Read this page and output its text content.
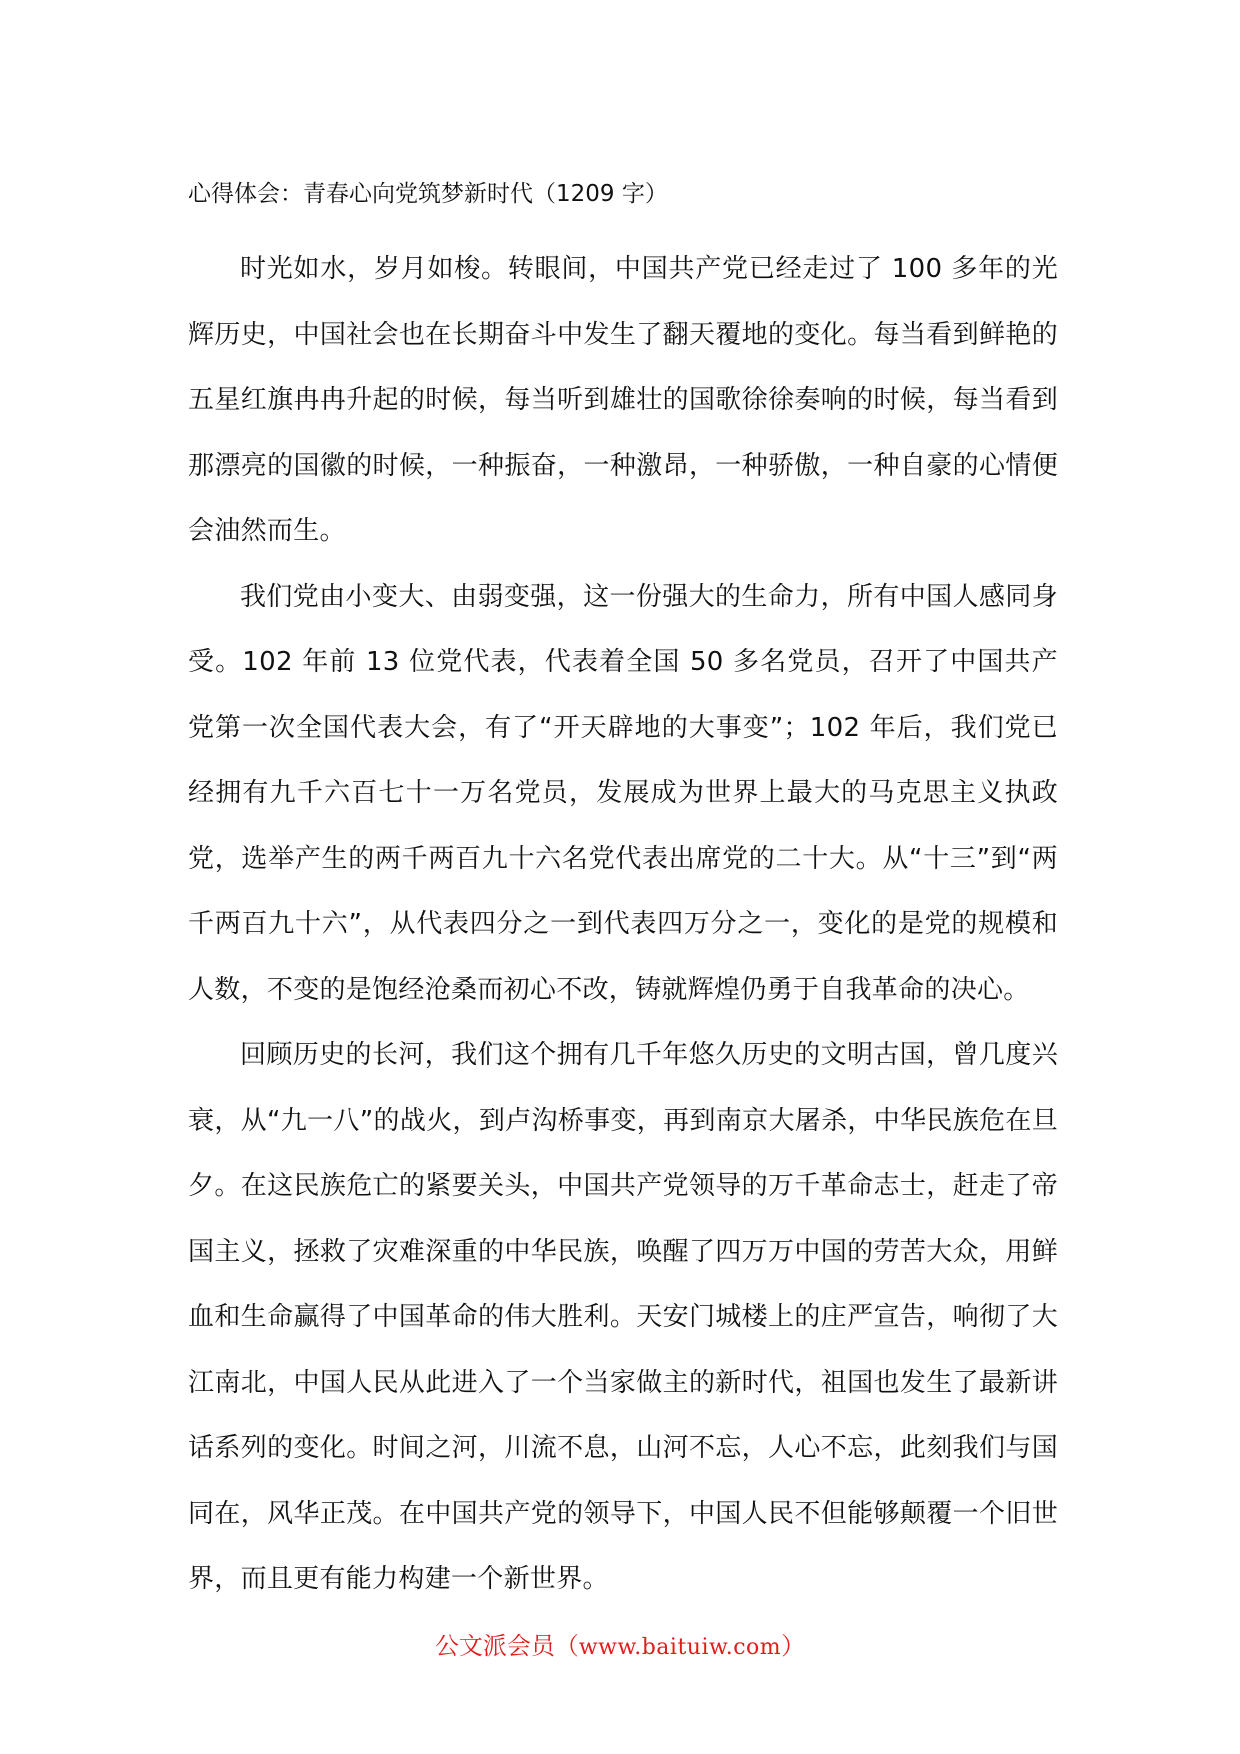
心得体会：青春心向党筑梦新时代（1209 字）

时光如水，岁月如梭。转眼间，中国共产党已经走过了 100 多年的光辉历史，中国社会也在长期奋斗中发生了翻天覆地的变化。每当看到鲜艳的五星红旗冉冉升起的时候，每当听到雄壮的国歌徐徐奏响的时候，每当看到那漂亮的国徽的时候，一种振奋，一种激昂，一种骄傲，一种自豪的心情便会油然而生。

我们党由小变大、由弱变强，这一份强大的生命力，所有中国人感同身受。102 年前 13 位党代表，代表着全国 50 多名党员，召开了中国共产党第一次全国代表大会，有了“开天辟地的大事变”；102 年后，我们党已经拥有九千六百七十一万名党员，发展成为世界上最大的马克思主义执政党，选举产生的两千两百九十六名党代表出席党的二十大。从“十三”到“两千两百九十六”，从代表四分之一到代表四万分之一，变化的是党的规模和人数，不变的是饱经沧桑而初心不改，铸就辉煌仍勇于自我革命的决心。

回顾历史的长河，我们这个拥有几千年悠久历史的文明古国，曾几度兴衰，从“九一八”的战火，到卢沟桥事变，再到南京大屠杀，中华民族危在旦夕。在这民族危亡的紧要关头，中国共产党领导的万千革命志士，赶走了帝国主义，拯救了灾难深重的中华民族，唤醒了四万万中国的劳苦大众，用鲜血和生命赢得了中国革命的伟大胜利。天安门城楼上的庄严宣告，响彻了大江南北，中国人民从此进入了一个当家做主的新时代，祖国也发生了最新讲话系列的变化。时间之河，川流不息，山河不忘，人心不忘，此刻我们与国同在，风华正茂。在中国共产党的领导下，中国人民不但能够颠覆一个旧世界，而且更有能力构建一个新世界。

公文派会员（www.baituiw.com）
